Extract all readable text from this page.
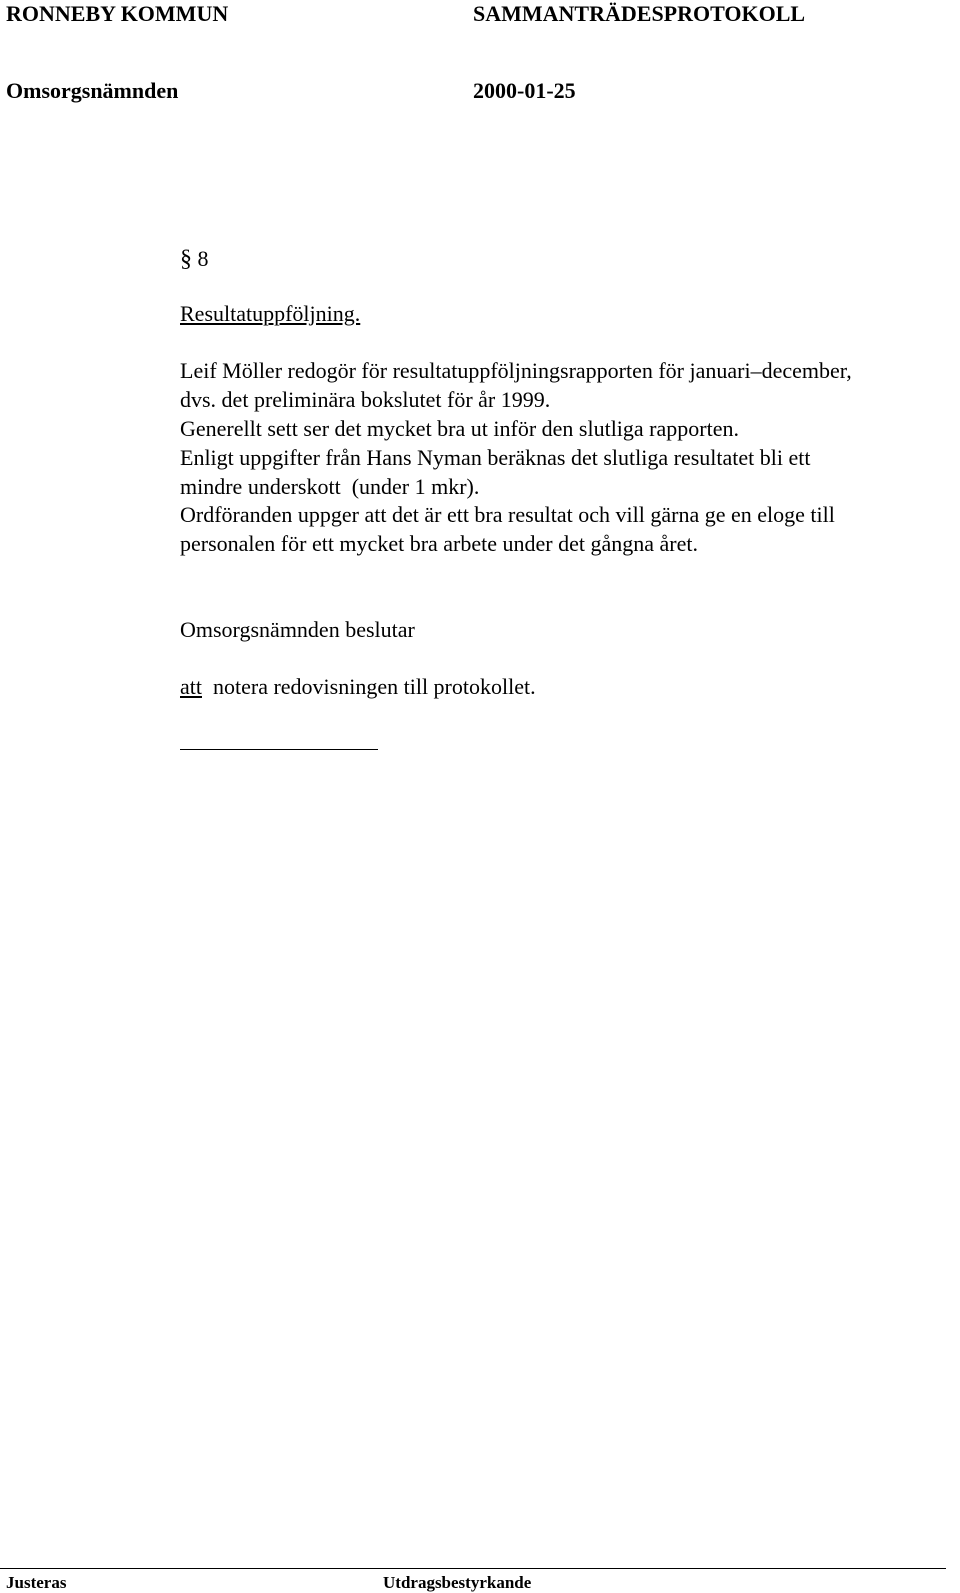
RONNEBY KOMMUN	SAMMANTRÄDESPROTOKOLL
Omsorgsnämnden	2000-01-25
§ 8
Resultatuppföljning.
Leif Möller redogör för resultatuppföljningsrapporten för januari–december,
dvs. det preliminära bokslutet för år 1999.
Generellt sett ser det mycket bra ut inför den slutliga rapporten.
Enligt uppgifter från Hans Nyman beräknas det slutliga resultatet bli ett
mindre underskott  (under 1 mkr).
Ordföranden uppger att det är ett bra resultat och vill gärna ge en eloge till
personalen för ett mycket bra arbete under det gångna året.
Omsorgsnämnden beslutar
att notera redovisningen till protokollet.
Justeras	Utdragsbestyrkande
